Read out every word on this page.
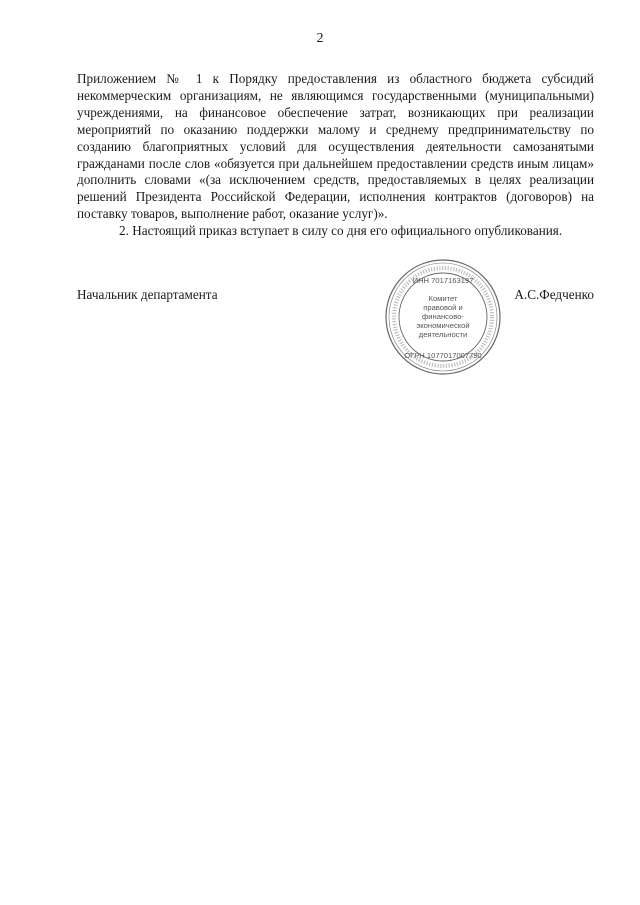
2

Приложением № 1 к Порядку предоставления из областного бюджета субсидий некоммерческим организациям, не являющимся государственными (муниципальными) учреждениями, на финансовое обеспечение затрат, возникающих при реализации мероприятий по оказанию поддержки малому и среднему предпринимательству по созданию благоприятных условий для осуществления деятельности самозанятыми гражданами после слов «обязуется при дальнейшем предоставлении средств иным лицам» дополнить словами «(за исключением средств, предоставляемых в целях реализации решений Президента Российской Федерации, исполнения контрактов (договоров) на поставку товаров, выполнение работ, оказание услуг)».

2. Настоящий приказ вступает в силу со дня его официального опубликования.

Начальник департамента	А.С.Федченко
ИНН 7017163197
Комитет
правовой и
финансово-
экономической
деятельности
ОГРН 1077017007790
